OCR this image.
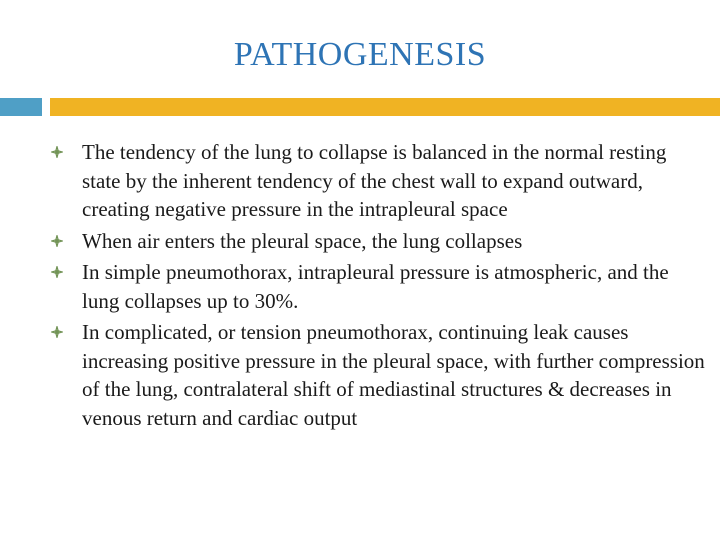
PATHOGENESIS
The tendency of the lung to collapse is balanced in the normal resting state by the inherent tendency of the chest wall to expand outward, creating negative pressure in the intrapleural space
When air enters the pleural space, the lung collapses
In simple pneumothorax, intrapleural pressure is atmospheric, and the lung collapses up to 30%.
In complicated, or tension pneumothorax, continuing leak causes increasing positive pressure in the pleural space, with further compression of the lung, contralateral shift of mediastinal structures & decreases in venous return and cardiac output
